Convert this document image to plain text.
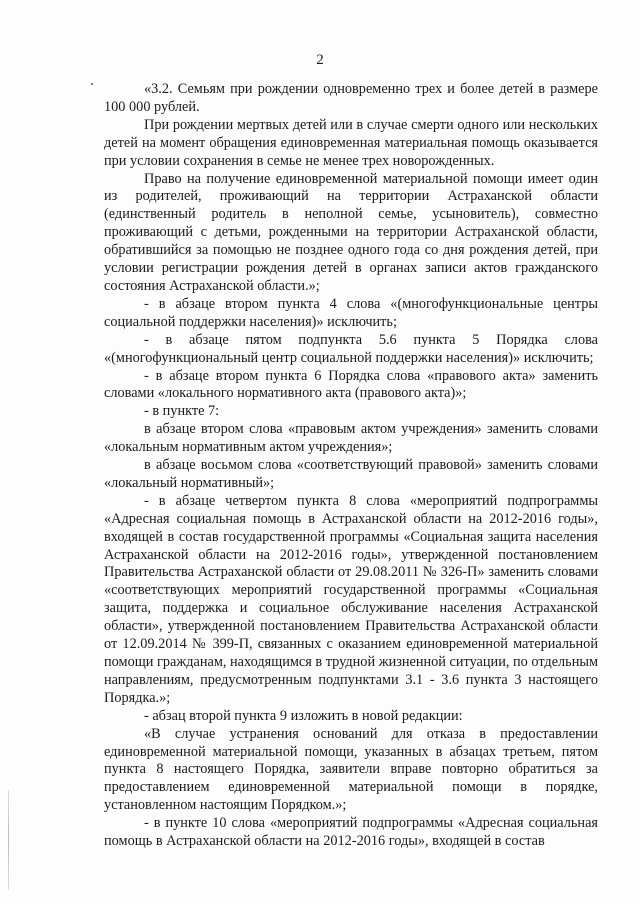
2

«3.2. Семьям при рождении одновременно трех и более детей в размере 100 000 рублей.

При рождении мертвых детей или в случае смерти одного или нескольких детей на момент обращения единовременная материальная помощь оказывается при условии сохранения в семье не менее трех новорожденных.

Право на получение единовременной материальной помощи имеет один из родителей, проживающий на территории Астраханской области (единственный родитель в неполной семье, усыновитель), совместно проживающий с детьми, рожденными на территории Астраханской области, обратившийся за помощью не позднее одного года со дня рождения детей, при условии регистрации рождения детей в органах записи актов гражданского состояния Астраханской области.»;

- в абзаце втором пункта 4 слова «(многофункциональные центры социальной поддержки населения)» исключить;

- в абзаце пятом подпункта 5.6 пункта 5 Порядка слова «(многофункциональный центр социальной поддержки населения)» исключить;

- в абзаце втором пункта 6 Порядка слова «правового акта» заменить словами «локального нормативного акта (правового акта)»;

- в пункте 7:

в абзаце втором слова «правовым актом учреждения» заменить словами «локальным нормативным актом учреждения»;

в абзаце восьмом слова «соответствующий правовой» заменить словами «локальный нормативный»;

- в абзаце четвертом пункта 8 слова «мероприятий подпрограммы «Адресная социальная помощь в Астраханской области на 2012-2016 годы», входящей в состав государственной программы «Социальная защита населения Астраханской области на 2012-2016 годы», утвержденной постановлением Правительства Астраханской области от 29.08.2011 № 326-П» заменить словами «соответствующих мероприятий государственной программы «Социальная защита, поддержка и социальное обслуживание населения Астраханской области», утвержденной постановлением Правительства Астраханской области от 12.09.2014 № 399-П, связанных с оказанием единовременной материальной помощи гражданам, находящимся в трудной жизненной ситуации, по отдельным направлениям, предусмотренным подпунктами 3.1 - 3.6 пункта 3 настоящего Порядка.»;

- абзац второй пункта 9 изложить в новой редакции:

«В случае устранения оснований для отказа в предоставлении единовременной материальной помощи, указанных в абзацах третьем, пятом пункта 8 настоящего Порядка, заявители вправе повторно обратиться за предоставлением единовременной материальной помощи в порядке, установленном настоящим Порядком.»;

- в пункте 10 слова «мероприятий подпрограммы «Адресная социальная помощь в Астраханской области на 2012-2016 годы», входящей в состав
